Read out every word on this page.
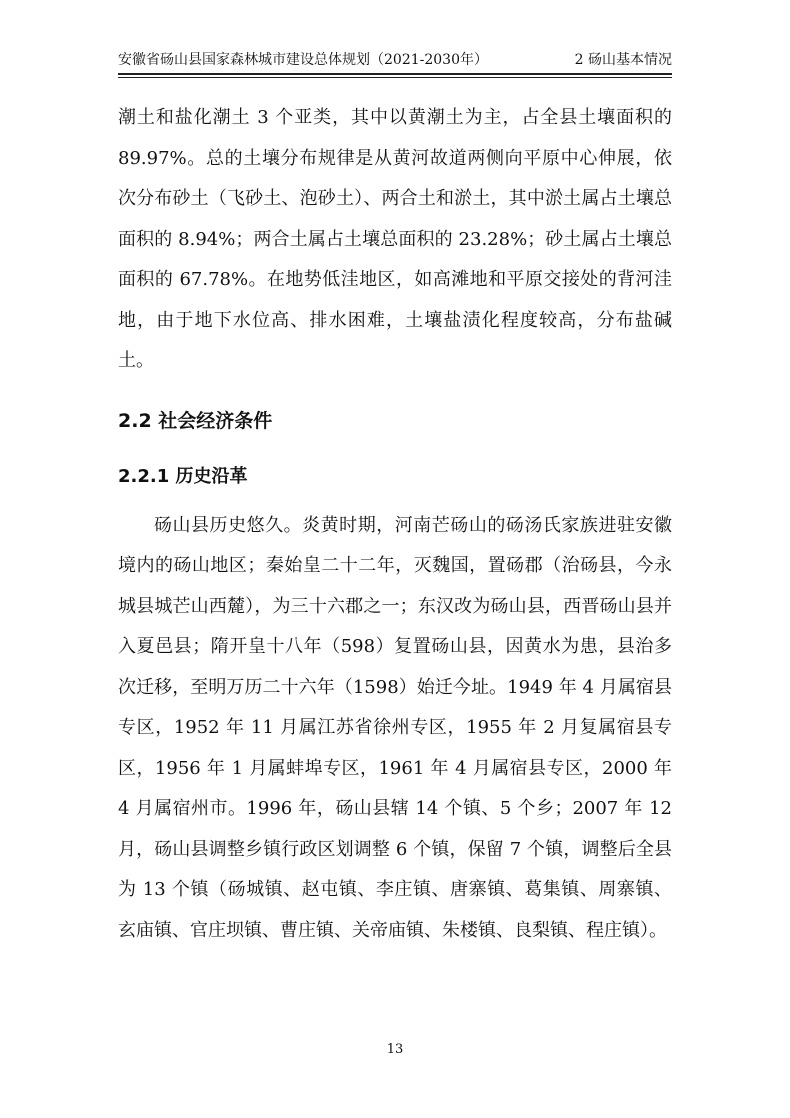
安徽省砀山县国家森林城市建设总体规划（2021-2030年）	2 砀山基本情况

潮土和盐化潮土 3 个亚类，其中以黄潮土为主，占全县土壤面积的89.97%。总的土壤分布规律是从黄河故道两侧向平原中心伸展，依次分布砂土（飞砂土、泡砂土）、两合土和淤土，其中淤土属占土壤总面积的 8.94%；两合土属占土壤总面积的 23.28%；砂土属占土壤总面积的 67.78%。在地势低洼地区，如高滩地和平原交接处的背河洼地，由于地下水位高、排水困难，土壤盐渍化程度较高，分布盐碱土。

2.2 社会经济条件
2.2.1 历史沿革

砀山县历史悠久。炎黄时期，河南芒砀山的砀汤氏家族进驻安徽境内的砀山地区；秦始皇二十二年，灭魏国，置砀郡（治砀县，今永城县城芒山西麓），为三十六郡之一；东汉改为砀山县，西晋砀山县并入夏邑县；隋开皇十八年（598）复置砀山县，因黄水为患，县治多次迁移，至明万历二十六年（1598）始迁今址。1949 年 4 月属宿县专区，1952 年 11 月属江苏省徐州专区，1955 年 2 月复属宿县专区，1956 年 1 月属蚌埠专区，1961 年 4 月属宿县专区，2000 年 4 月属宿州市。1996 年，砀山县辖 14 个镇、5 个乡；2007 年 12 月，砀山县调整乡镇行政区划调整 6 个镇，保留 7 个镇，调整后全县为 13 个镇（砀城镇、赵屯镇、李庄镇、唐寨镇、葛集镇、周寨镇、玄庙镇、官庄坝镇、曹庄镇、关帝庙镇、朱楼镇、良梨镇、程庄镇）。

13
